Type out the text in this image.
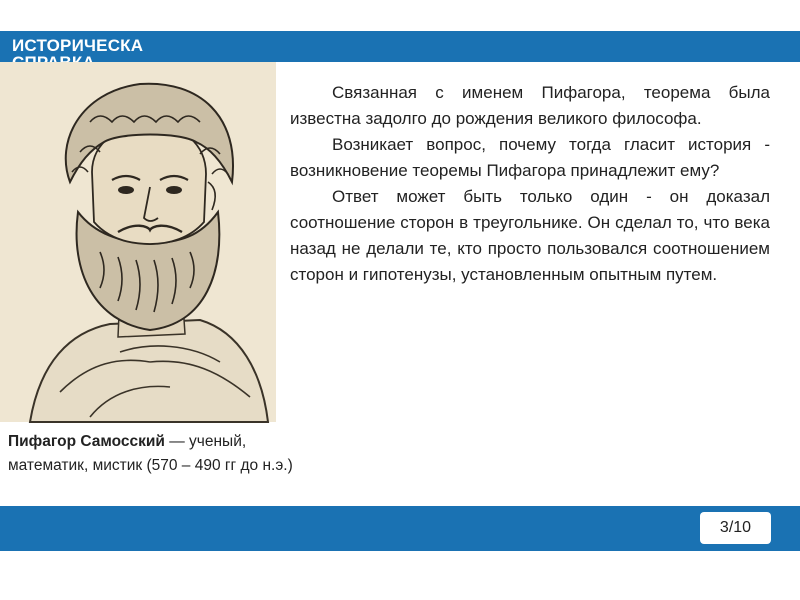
ИСТОРИЧЕСКА

Связанная с именем Пифагора, теорема была известна задолго до рождения великого философа.

Возникает вопрос, почему тогда гласит история - возникновение теоремы Пифагора принадлежит ему?

Ответ может быть только один - он доказал соотношение сторон в треугольнике. Он сделал то, что века назад не делали те, кто просто пользовался соотношением сторон и гипотенузы, установленным опытным путем.

Пифагор Самосский — ученый,
математик, мистик (570 – 490 гг до н.э.)
3/10
